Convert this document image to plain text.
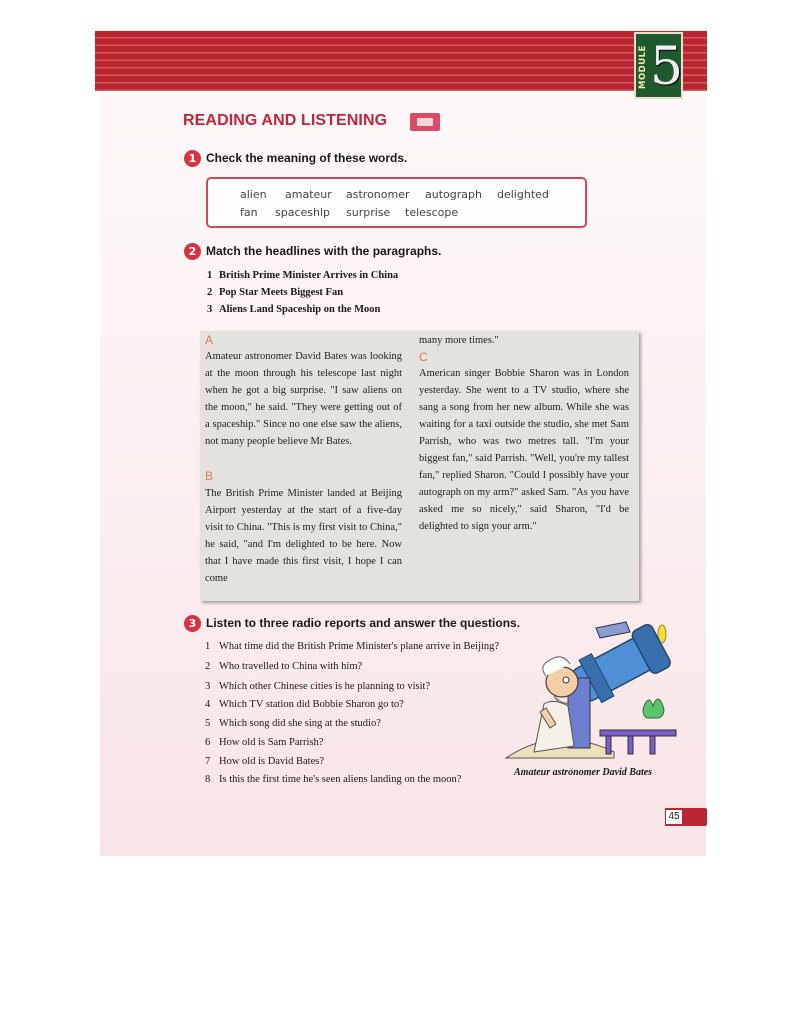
MODULE 5
READING AND LISTENING
1 Check the meaning of these words.
alien amateur astronomer autograph delighted
fan spaceship surprise telescope
2 Match the headlines with the paragraphs.
1 British Prime Minister Arrives in China
2 Pop Star Meets Biggest Fan
3 Aliens Land Spaceship on the Moon
A
Amateur astronomer David Bates was looking at the moon through his telescope last night when he got a big surprise. "I saw aliens on the moon," he said. "They were getting out of a spaceship." Since no one else saw the aliens, not many people believe Mr Bates.
B
The British Prime Minister landed at Beijing Airport yesterday at the start of a five-day visit to China. "This is my first visit to China," he said, "and I'm delighted to be here. Now that I have made this first visit, I hope I can come
many more times."
C
American singer Bobbie Sharon was in London yesterday. She went to a TV studio, where she sang a song from her new album. While she was waiting for a taxi outside the studio, she met Sam Parrish, who was two metres tall. "I'm your biggest fan," said Parrish. "Well, you're my tallest fan," replied Sharon. "Could I possibly have your autograph on my arm?" asked Sam. "As you have asked me so nicely," said Sharon, "I'd be delighted to sign your arm."
3 Listen to three radio reports and answer the questions.
1 What time did the British Prime Minister's plane arrive in Beijing?
2 Who travelled to China with him?
3 Which other Chinese cities is he planning to visit?
4 Which TV station did Bobbie Sharon go to?
5 Which song did she sing at the studio?
6 How old is Sam Parrish?
7 How old is David Bates?
8 Is this the first time he's seen aliens landing on the moon?
Amateur astronomer David Bates
45
